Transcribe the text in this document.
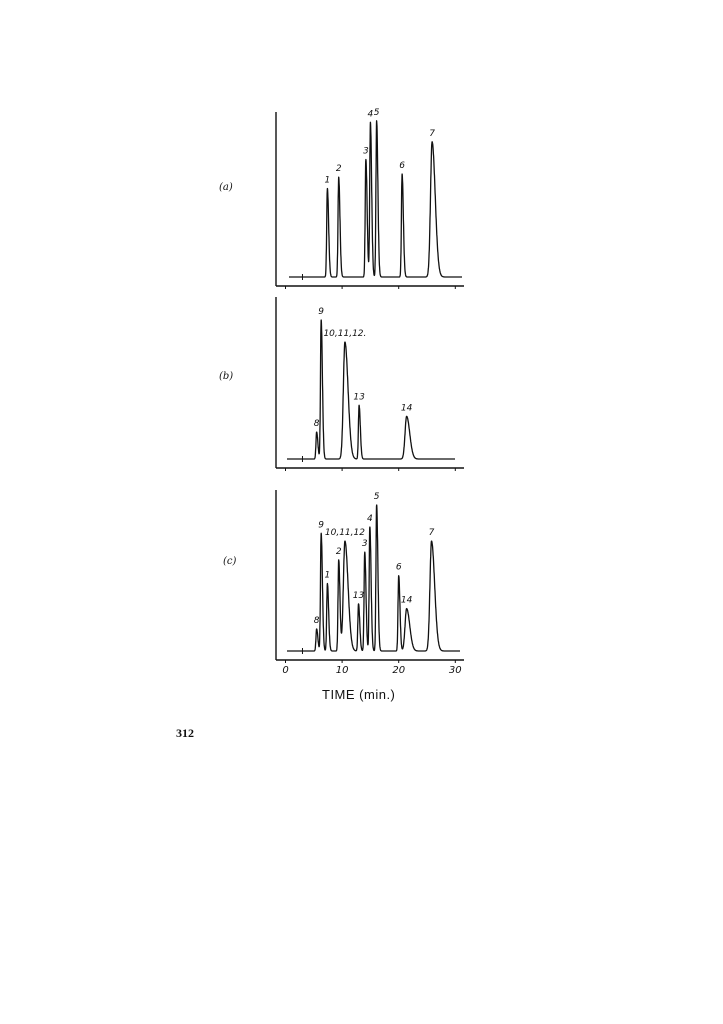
(a)
(b)
(c)
1
2
3
4 5
6
7
8
9
10,11,12.
13
14
8
9
1
2
10,11,12
13
3
4
5
6
14
7
0	10	20	30
TIME (min.)
312
